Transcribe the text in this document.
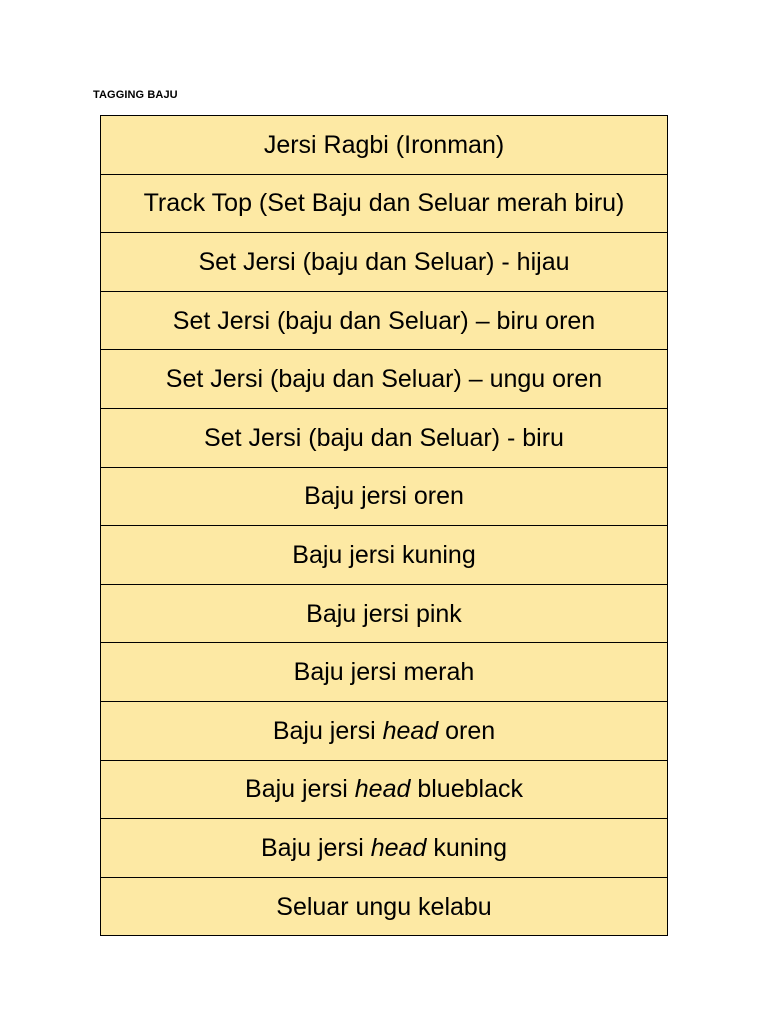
TAGGING BAJU
Jersi Ragbi (Ironman)
Track Top (Set Baju dan Seluar merah biru)
Set Jersi (baju dan Seluar) - hijau
Set Jersi (baju dan Seluar) – biru oren
Set Jersi (baju dan Seluar) – ungu oren
Set Jersi (baju dan Seluar) - biru
Baju jersi oren
Baju jersi kuning
Baju jersi pink
Baju jersi merah
Baju jersi head oren
Baju jersi head blueblack
Baju jersi head kuning
Seluar ungu kelabu
